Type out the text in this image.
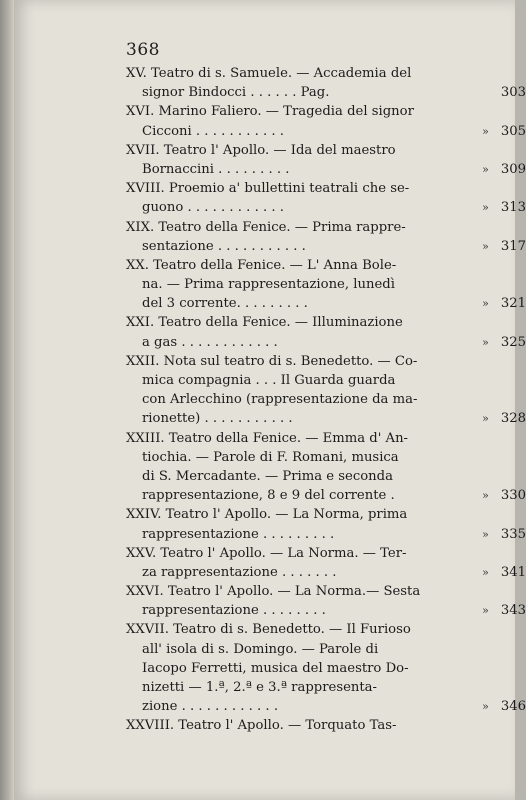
368
XV. Teatro di s. Samuele. — Accademia del
signor Bindocci . . . . . . Pag.	303
XVI. Marino Faliero. — Tragedia del signor
Cicconi . . . . . . . . . . .	» 305
XVII. Teatro l' Apollo. — Ida del maestro
Bornaccini . . . . . . . . .	» 309
XVIII. Proemio a' bullettini teatrali che se-
guono . . . . . . . . . . . .	» 313
XIX. Teatro della Fenice. — Prima rappre-
sentazione . . . . . . . . . . .	» 317
XX. Teatro della Fenice. — L' Anna Bole-
na. — Prima rappresentazione, lunedì
del 3 corrente. . . . . . . . .	» 321
XXI. Teatro della Fenice. — Illuminazione
a gas . . . . . . . . . . . .	» 325
XXII. Nota sul teatro di s. Benedetto. — Co-
mica compagnia . . . Il Guarda guarda
con Arlecchino (rappresentazione da ma-
rionette) . . . . . . . . . . .	» 328
XXIII. Teatro della Fenice. — Emma d' An-
tiochia. — Parole di F. Romani, musica
di S. Mercadante. — Prima e seconda
rappresentazione, 8 e 9 del corrente .	» 330
XXIV. Teatro l' Apollo. — La Norma, prima
rappresentazione . . . . . . . . .	» 335
XXV. Teatro l' Apollo. — La Norma. — Ter-
za rappresentazione . . . . . . .	» 341
XXVI. Teatro l' Apollo. — La Norma.— Sesta
rappresentazione . . . . . . . .	» 343
XXVII. Teatro di s. Benedetto. — Il Furioso
all' isola di s. Domingo. — Parole di
Iacopo Ferretti, musica del maestro Do-
nizetti — 1.ª, 2.ª e 3.ª rappresenta-
zione . . . . . . . . . . . .	» 346
XXVIII. Teatro l' Apollo. — Torquato Tas-
